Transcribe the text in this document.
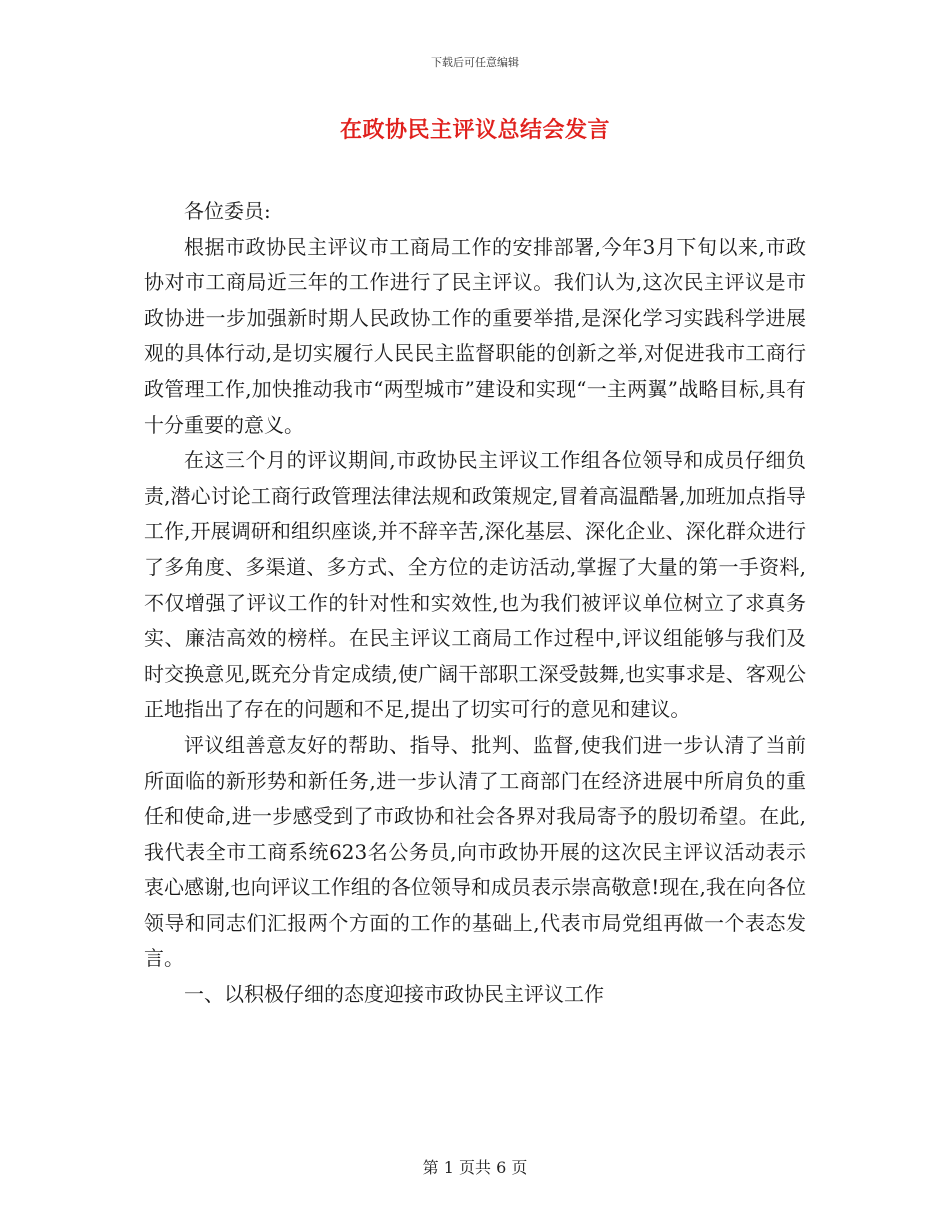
下载后可任意编辑
在政协民主评议总结会发言

各位委员:

根据市政协民主评议市工商局工作的安排部署,今年3月下旬以来,市政协对市工商局近三年的工作进行了民主评议。我们认为,这次民主评议是市政协进一步加强新时期人民政协工作的重要举措,是深化学习实践科学进展观的具体行动,是切实履行人民民主监督职能的创新之举,对促进我市工商行政管理工作,加快推动我市“两型城市”建设和实现“一主两翼”战略目标,具有十分重要的意义。

在这三个月的评议期间,市政协民主评议工作组各位领导和成员仔细负责,潜心讨论工商行政管理法律法规和政策规定,冒着高温酷暑,加班加点指导工作,开展调研和组织座谈,并不辞辛苦,深化基层、深化企业、深化群众进行了多角度、多渠道、多方式、全方位的走访活动,掌握了大量的第一手资料,不仅增强了评议工作的针对性和实效性,也为我们被评议单位树立了求真务实、廉洁高效的榜样。在民主评议工商局工作过程中,评议组能够与我们及时交换意见,既充分肯定成绩,使广阔干部职工深受鼓舞,也实事求是、客观公正地指出了存在的问题和不足,提出了切实可行的意见和建议。

评议组善意友好的帮助、指导、批判、监督,使我们进一步认清了当前所面临的新形势和新任务,进一步认清了工商部门在经济进展中所肩负的重任和使命,进一步感受到了市政协和社会各界对我局寄予的殷切希望。在此,我代表全市工商系统623名公务员,向市政协开展的这次民主评议活动表示衷心感谢,也向评议工作组的各位领导和成员表示崇高敬意!现在,我在向各位领导和同志们汇报两个方面的工作的基础上,代表市局党组再做一个表态发言。

一、以积极仔细的态度迎接市政协民主评议工作

第 1 页共 6 页
